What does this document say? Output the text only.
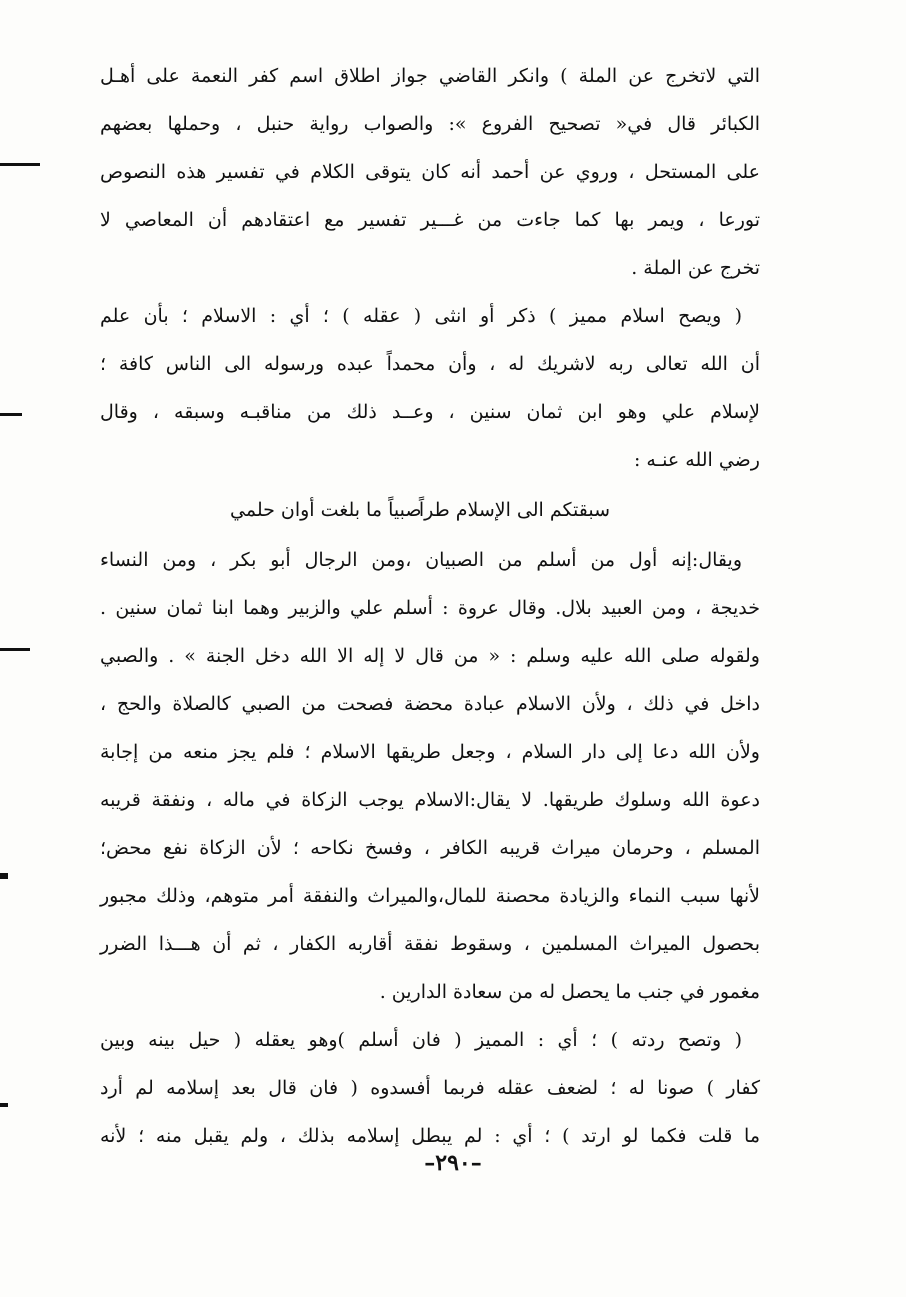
التي لاتخرج عن الملة ) وانكر القاضي جواز اطلاق اسم كفر النعمة على أهـل
الكبائر قال في« تصحيح الفروع »: والصواب رواية حنبل ، وحملها بعضهم
على المستحل ، وروي عن أحمد أنه كان يتوقى الكلام في تفسير هذه النصوص
تورعا ، ويمر بها كما جاءت من غـــير تفسير مع اعتقادهم أن المعاصي لا
تخرج عن الملة .
( ويصح اسلام مميز ) ذكر أو انثى ( عقله ) ؛ أي : الاسلام ؛ بأن علم
أن الله تعالى ربه لاشريك له ، وأن محمداً عبده ورسوله الى الناس كافة ؛
لإسلام علي وهو ابن ثمان سنين ، وعــد ذلك من مناقبـه وسبقه ، وقال
رضي الله عنـه :
سبقتكم الى الإسلام طراً
صبياً ما بلغت أوان حلمي
ويقال:إنه أول من أسلم من الصبيان ،ومن الرجال أبو بكر ، ومن النساء
خديجة ، ومن العبيد بلال. وقال عروة : أسلم علي والزبير وهما ابنا ثمان سنين .
ولقوله صلى الله عليه وسلم : « من قال لا إله الا الله دخل الجنة » . والصبي
داخل في ذلك ، ولأن الاسلام عبادة محضة فصحت من الصبي كالصلاة والحج ،
ولأن الله دعا إلى دار السلام ، وجعل طريقها الاسلام ؛ فلم يجز منعه من إجابة
دعوة الله وسلوك طريقها. لا يقال:الاسلام يوجب الزكاة في ماله ، ونفقة قريبه
المسلم ، وحرمان ميراث قريبه الكافر ، وفسخ نكاحه ؛ لأن الزكاة نفع محض؛
لأنها سبب النماء والزيادة محصنة للمال،والميراث والنفقة أمر متوهم، وذلك مجبور
بحصول الميراث المسلمين ، وسقوط نفقة أقاربه الكفار ، ثم أن هـــذا الضرر
مغمور في جنب ما يحصل له من سعادة الدارين .
( وتصح ردته ) ؛ أي : المميز ( فان أسلم )وهو يعقله ( حيل بينه وبين
كفار ) صونا له ؛ لضعف عقله فربما أفسدوه ( فان قال بعد إسلامه لم أرد
ما قلت فكما لو ارتد ) ؛ أي : لم يبطل إسلامه بذلك ، ولم يقبل منه ؛ لأنه
–٢٩٠–
